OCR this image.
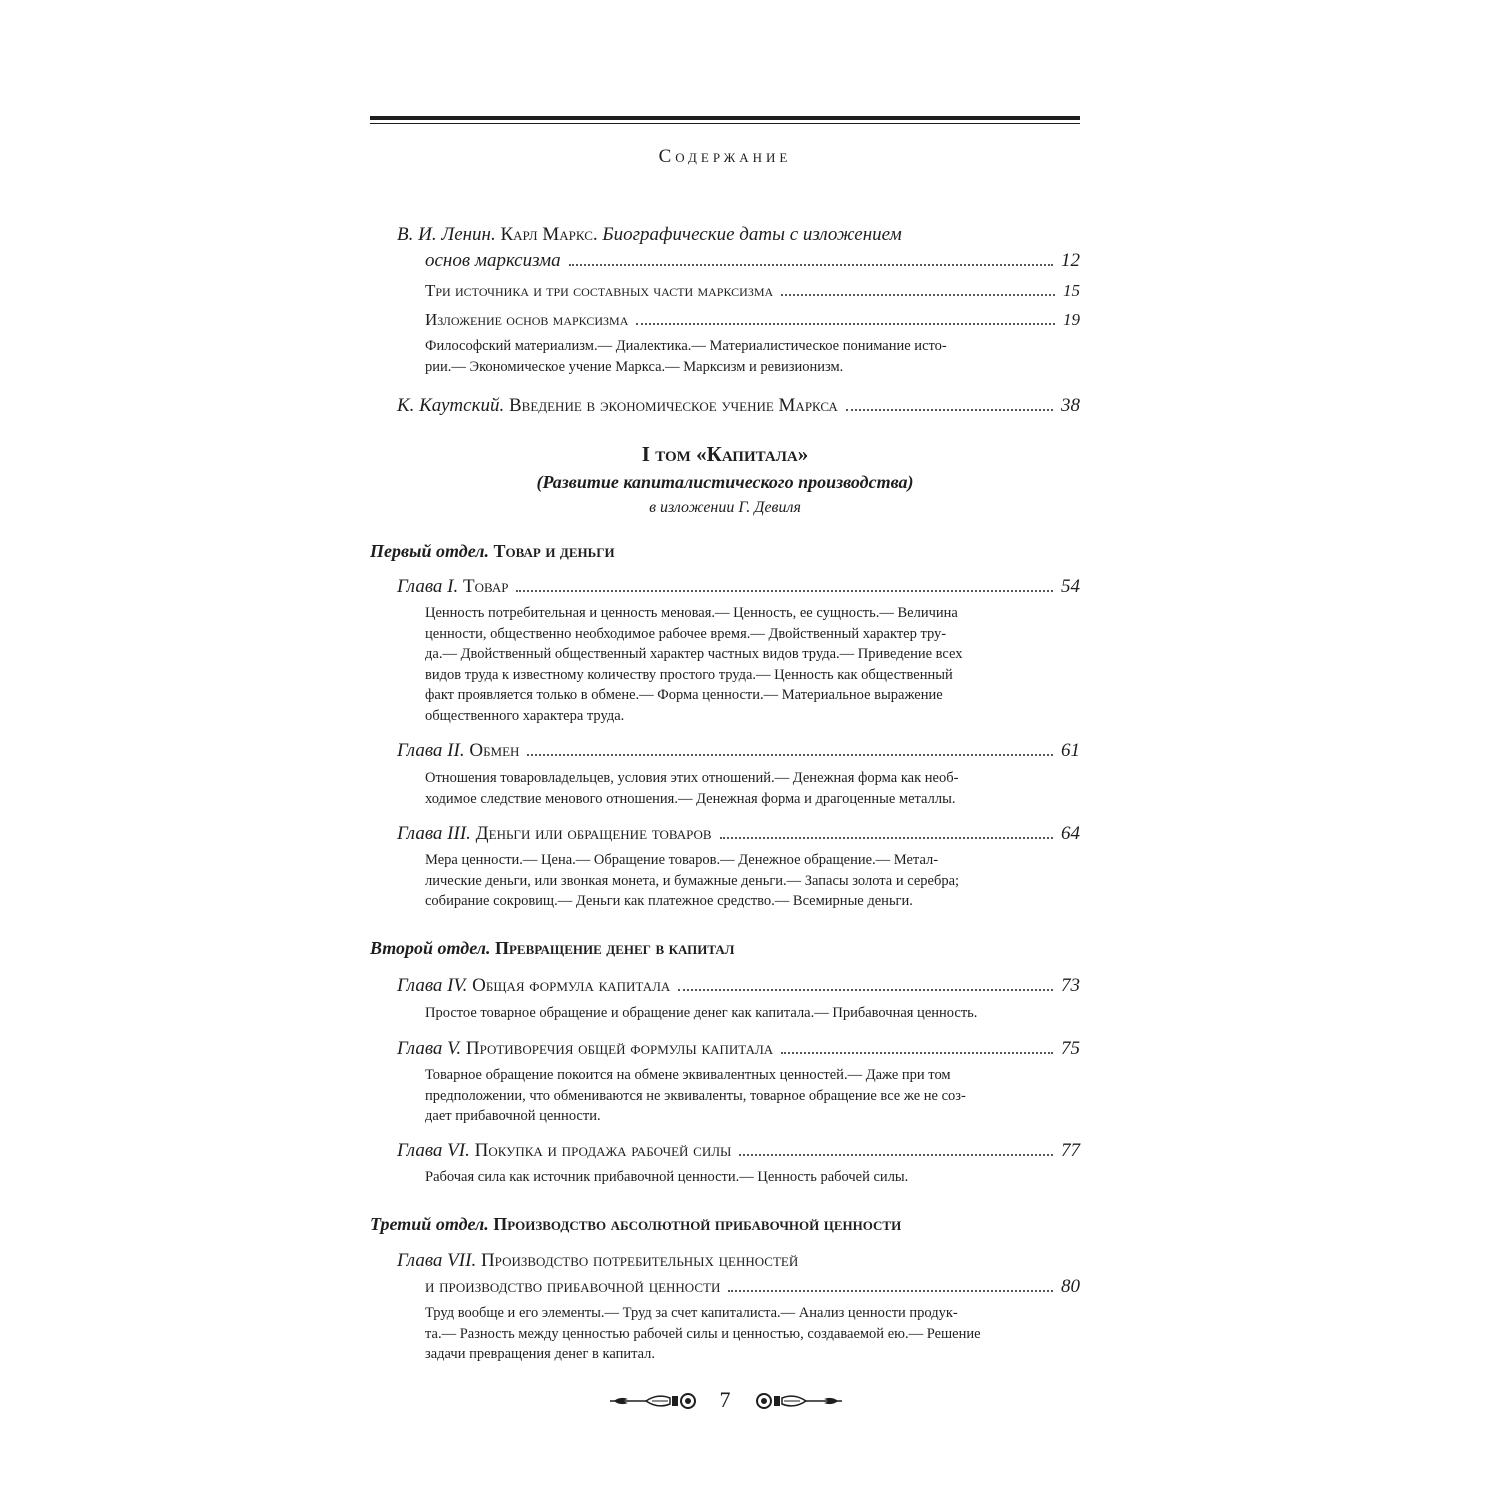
Содержание
В. И. Ленин. Карл Маркс. Биографические даты с изложением
основ марксизма	12
Три источника и три составных части марксизма	15
Изложение основ марксизма	19
Философский материализм.— Диалектика.— Материалистическое понимание исто-
рии.— Экономическое учение Маркса.— Марксизм и ревизионизм.
К. Каутский. Введение в экономическое учение Маркса	38
I том «Капитала»
(Развитие капиталистического производства)
в изложении Г. Девиля
Первый отдел. Товар и деньги
Глава I. Товар	54
Ценность потребительная и ценность меновая.— Ценность, ее сущность.— Величина
ценности, общественно необходимое рабочее время.— Двойственный характер тру-
да.— Двойственный общественный характер частных видов труда.— Приведение всех
видов труда к известному количеству простого труда.— Ценность как общественный
факт проявляется только в обмене.— Форма ценности.— Материальное выражение
общественного характера труда.
Глава II. Обмен	61
Отношения товаровладельцев, условия этих отношений.— Денежная форма как необ-
ходимое следствие менового отношения.— Денежная форма и драгоценные металлы.
Глава III. Деньги или обращение товаров	64
Мера ценности.— Цена.— Обращение товаров.— Денежное обращение.— Метал-
лические деньги, или звонкая монета, и бумажные деньги.— Запасы золота и серебра;
собирание сокровищ.— Деньги как платежное средство.— Всемирные деньги.
Второй отдел. Превращение денег в капитал
Глава IV. Общая формула капитала	73
Простое товарное обращение и обращение денег как капитала.— Прибавочная ценность.
Глава V. Противоречия общей формулы капитала	75
Товарное обращение покоится на обмене эквивалентных ценностей.— Даже при том
предположении, что обмениваются не эквиваленты, товарное обращение все же не соз-
дает прибавочной ценности.
Глава VI. Покупка и продажа рабочей силы	77
Рабочая сила как источник прибавочной ценности.— Ценность рабочей силы.
Третий отдел. Производство абсолютной прибавочной ценности
Глава VII. Производство потребительных ценностей
и производство прибавочной ценности	80
Труд вообще и его элементы.— Труд за счет капиталиста.— Анализ ценности продук-
та.— Разность между ценностью рабочей силы и ценностью, создаваемой ею.— Решение
задачи превращения денег в капитал.
7
